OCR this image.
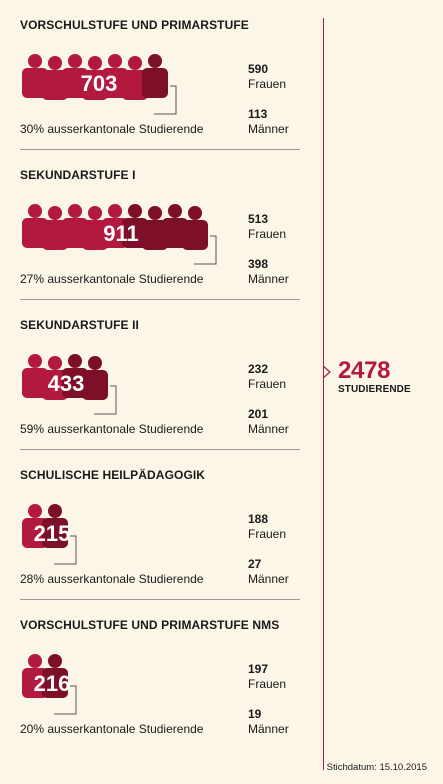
VORSCHULSTUFE UND PRIMARSTUFE
703
30% ausserkantonale Studierende
590
Frauen
113
Männer
SEKUNDARSTUFE I
911
27% ausserkantonale Studierende
513
Frauen
398
Männer
SEKUNDARSTUFE II
433
59% ausserkantonale Studierende
232
Frauen
201
Männer
SCHULISCHE HEILPÄDAGOGIK
215
28% ausserkantonale Studierende
188
Frauen
27
Männer
VORSCHULSTUFE UND PRIMARSTUFE NMS
216
20% ausserkantonale Studierende
197
Frauen
19
Männer
2478
STUDIERENDE
Stichdatum: 15.10.2015
